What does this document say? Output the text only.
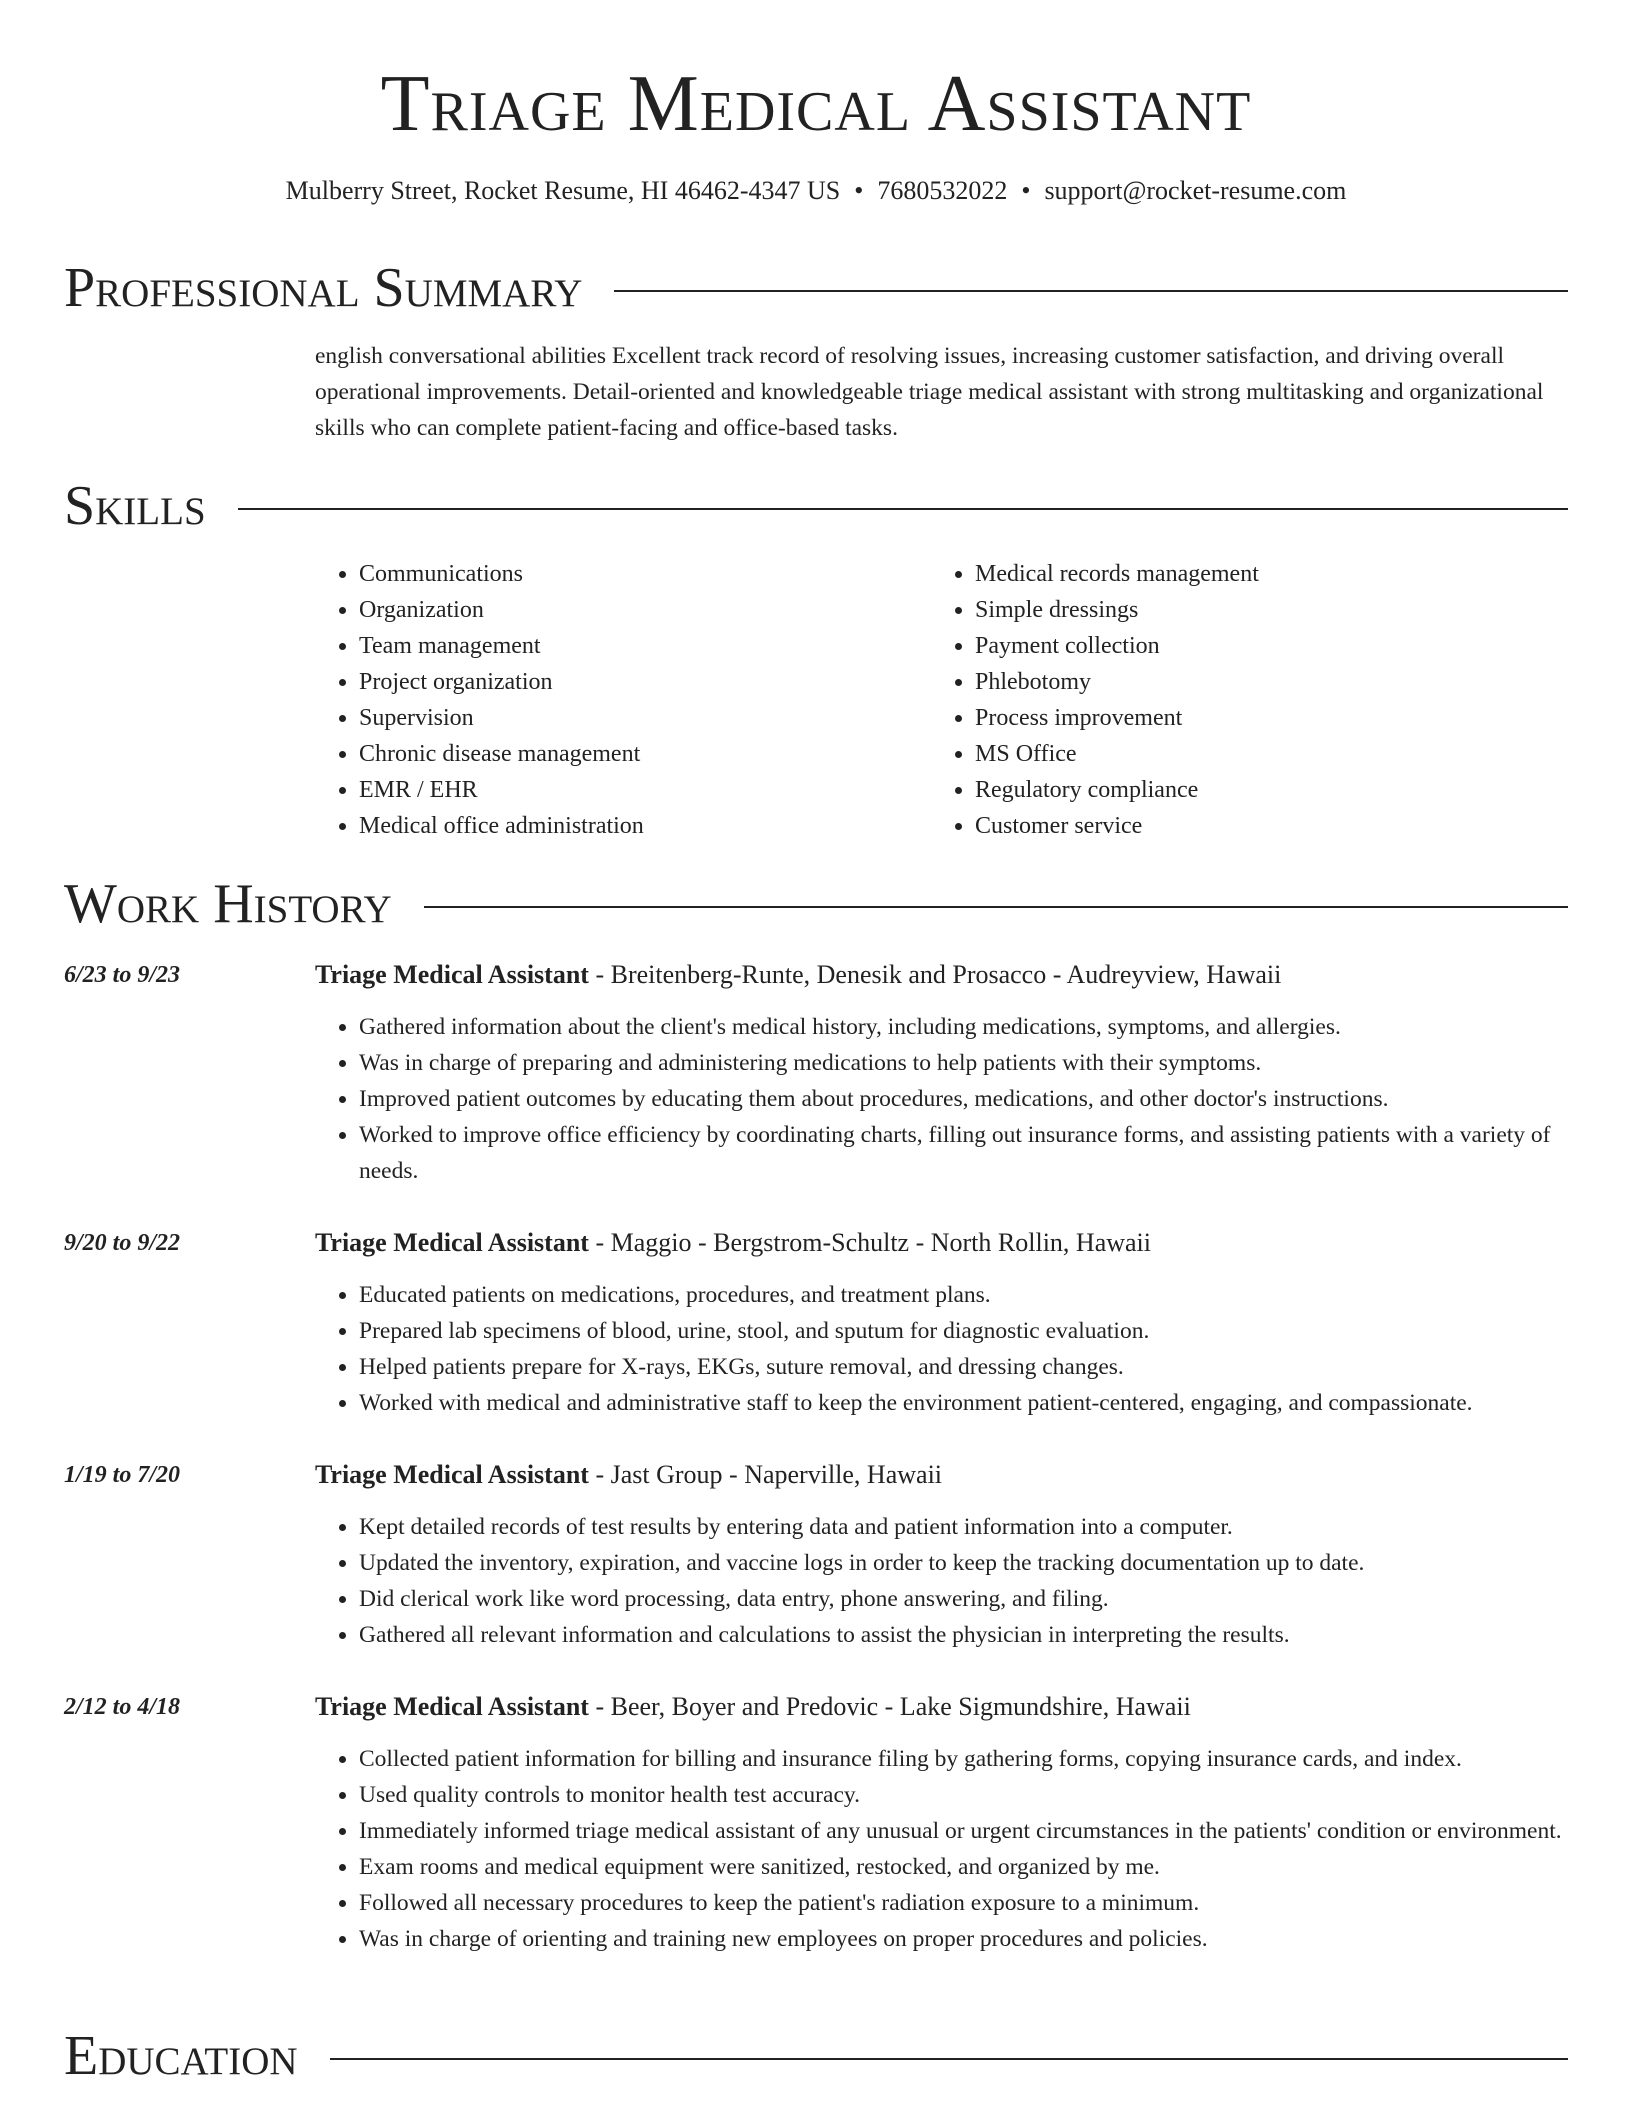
Triage Medical Assistant
Mulberry Street, Rocket Resume, HI 46462-4347 US • 7680532022 • support@rocket-resume.com
Professional Summary
english conversational abilities Excellent track record of resolving issues, increasing customer satisfaction, and driving overall operational improvements. Detail-oriented and knowledgeable triage medical assistant with strong multitasking and organizational skills who can complete patient-facing and office-based tasks.
Skills
• Communications
• Organization
• Team management
• Project organization
• Supervision
• Chronic disease management
• EMR / EHR
• Medical office administration
• Medical records management
• Simple dressings
• Payment collection
• Phlebotomy
• Process improvement
• MS Office
• Regulatory compliance
• Customer service
Work History
6/23 to 9/23	Triage Medical Assistant - Breitenberg-Runte, Denesik and Prosacco - Audreyview, Hawaii
• Gathered information about the client's medical history, including medications, symptoms, and allergies.
• Was in charge of preparing and administering medications to help patients with their symptoms.
• Improved patient outcomes by educating them about procedures, medications, and other doctor's instructions.
• Worked to improve office efficiency by coordinating charts, filling out insurance forms, and assisting patients with a variety of needs.
9/20 to 9/22	Triage Medical Assistant - Maggio - Bergstrom-Schultz - North Rollin, Hawaii
• Educated patients on medications, procedures, and treatment plans.
• Prepared lab specimens of blood, urine, stool, and sputum for diagnostic evaluation.
• Helped patients prepare for X-rays, EKGs, suture removal, and dressing changes.
• Worked with medical and administrative staff to keep the environment patient-centered, engaging, and compassionate.
1/19 to 7/20	Triage Medical Assistant - Jast Group - Naperville, Hawaii
• Kept detailed records of test results by entering data and patient information into a computer.
• Updated the inventory, expiration, and vaccine logs in order to keep the tracking documentation up to date.
• Did clerical work like word processing, data entry, phone answering, and filing.
• Gathered all relevant information and calculations to assist the physician in interpreting the results.
2/12 to 4/18	Triage Medical Assistant - Beer, Boyer and Predovic - Lake Sigmundshire, Hawaii
• Collected patient information for billing and insurance filing by gathering forms, copying insurance cards, and index.
• Used quality controls to monitor health test accuracy.
• Immediately informed triage medical assistant of any unusual or urgent circumstances in the patients' condition or environment.
• Exam rooms and medical equipment were sanitized, restocked, and organized by me.
• Followed all necessary procedures to keep the patient's radiation exposure to a minimum.
• Was in charge of orienting and training new employees on proper procedures and policies.
Education
